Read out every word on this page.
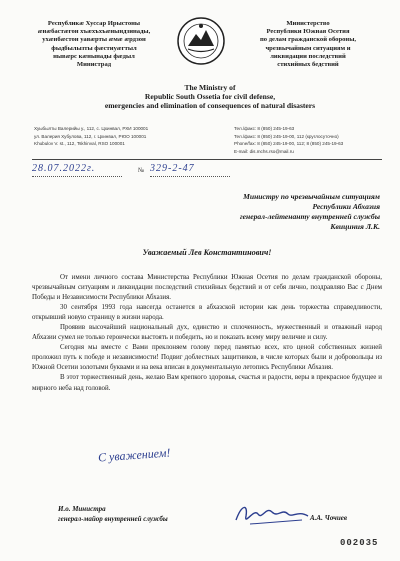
Республикæ Хуссар Ирыстоны
æнæбастæгон хъæхъхъæнындзинады,
ухæнбæстон уавæрты æмæ æрдзон
фыдбылызты фæстиуæгтыл
нывæрс кæнынады фæдыл
Министрад
Министерство
Республики Южная Осетия
по делам гражданской обороны,
чрезвычайным ситуациям и
ликвидации последствий
стихийных бедствий
The Ministry of
Republic South Ossetia for civil defense,
emergencies and elimination of consequences of natural disasters
Хуыбылты Валерийы у., 112, с. Цхинвал, РХИ 100001
ул. Валерия Хубулова, 112, г. Цхинвал, РЮО 100001
Khubulov V. st., 112, Tskhinval, RSO 100001
Тел./факс: 8 (850) 245-19-63
Тел./факс: 8 (850) 245-19-00, 112 (круглосуточно)
Phone/fax: 8 (850) 245-19-00, 112; 8 (850) 245-19-63
E-mail: dis.mchs.rso@mail.ru
28.07.2022г.	№ 329-2-47
Министру по чрезвычайным ситуациям
Республики Абхазия
генерал-лейтенанту внутренней службы
Квициния Л.К.
Уважаемый Лев Константинович!

От имени личного состава Министерства Республики Южная Осетия по делам гражданской обороны, чрезвычайным ситуациям и ликвидации последствий стихийных бедствий и от себя лично, поздравляю Вас с Днем Победы и Независимости Республики Абхазия.

30 сентября 1993 года навсегда останется в абхазской истории как день торжества справедливости, открывший новую страницу в жизни народа.

Проявив высочайший национальный дух, единство и сплоченность, мужественный и отважный народ Абхазии сумел не только героически выстоять и победить, но и показать всему миру величие и силу.

Сегодня мы вместе с Вами преклоняем голову перед памятью всех, кто ценой собственных жизней проложил путь к победе и независимости! Подвиг доблестных защитников, в числе которых были и добровольцы из Южной Осетии золотыми буквами и на века вписан в документальную летопись Республики Абхазия.

В этот торжественный день, желаю Вам крепкого здоровья, счастья и радости, веры в прекрасное будущее и мирного неба над головой.

С уважением!
И.о. Министра
генерал-майор внутренней службы	А.А. Чочиев
002035
